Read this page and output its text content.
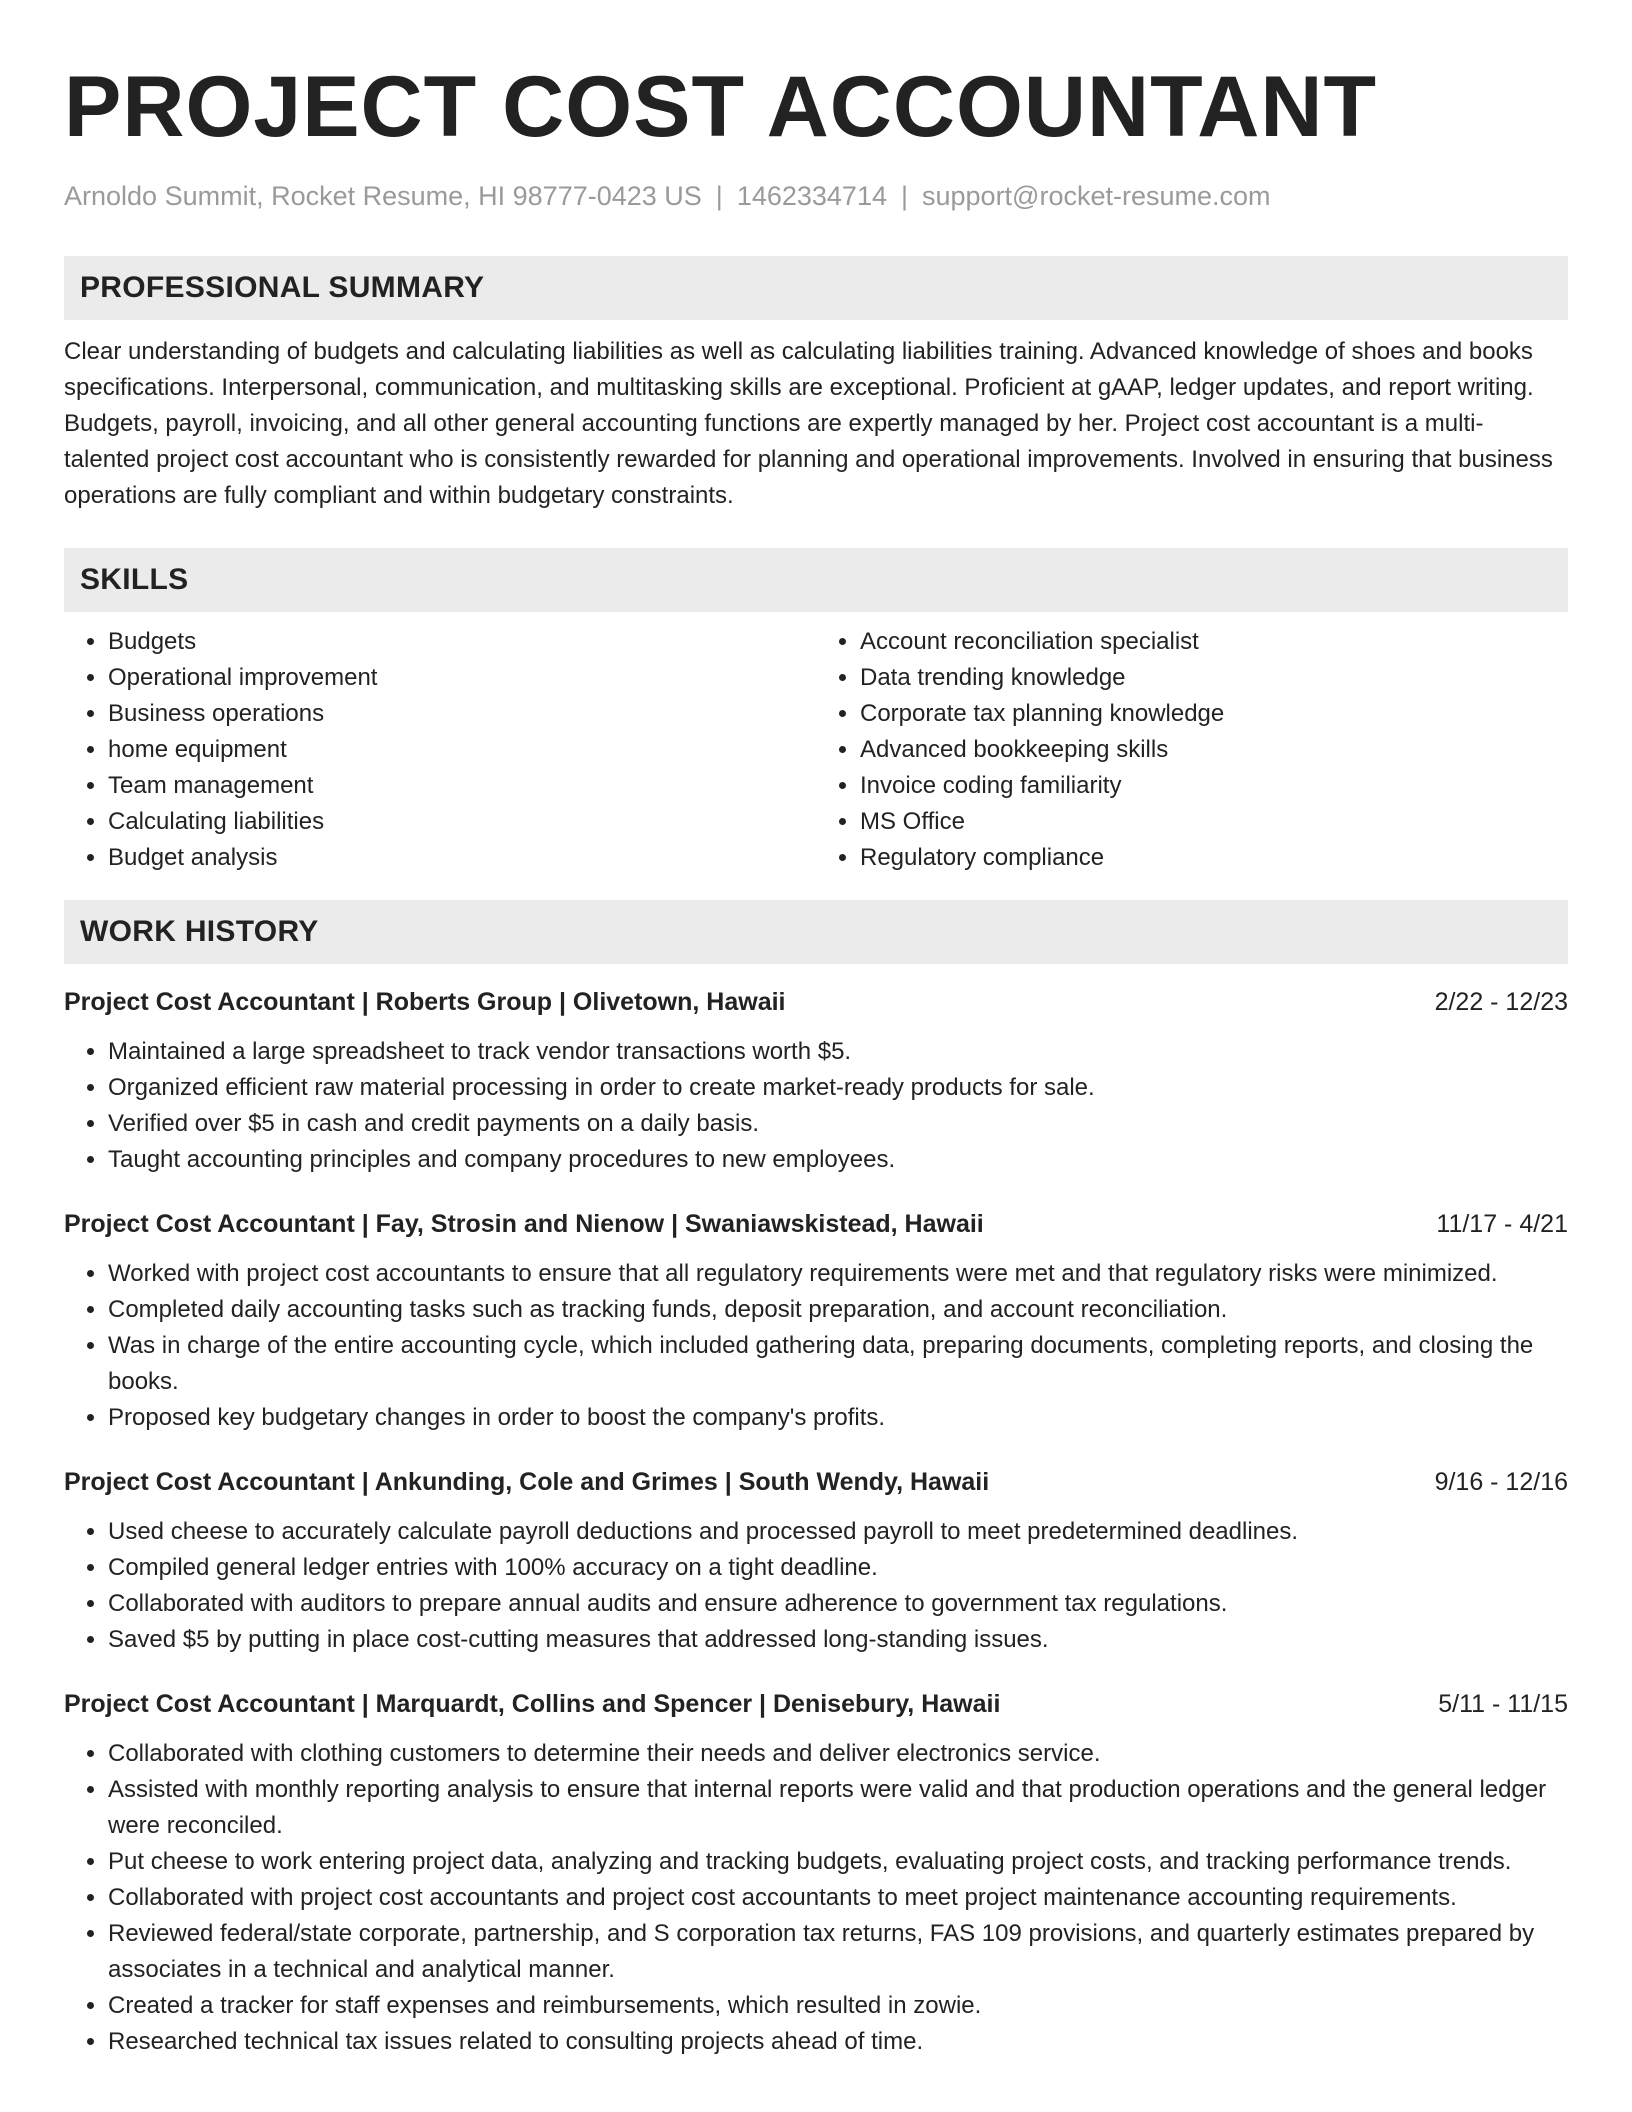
PROJECT COST ACCOUNTANT
Arnoldo Summit, Rocket Resume, HI 98777-0423 US | 1462334714 | support@rocket-resume.com
PROFESSIONAL SUMMARY
Clear understanding of budgets and calculating liabilities as well as calculating liabilities training. Advanced knowledge of shoes and books specifications. Interpersonal, communication, and multitasking skills are exceptional. Proficient at gAAP, ledger updates, and report writing. Budgets, payroll, invoicing, and all other general accounting functions are expertly managed by her. Project cost accountant is a multi-talented project cost accountant who is consistently rewarded for planning and operational improvements. Involved in ensuring that business operations are fully compliant and within budgetary constraints.
SKILLS
• Budgets
• Operational improvement
• Business operations
• home equipment
• Team management
• Calculating liabilities
• Budget analysis
• Account reconciliation specialist
• Data trending knowledge
• Corporate tax planning knowledge
• Advanced bookkeeping skills
• Invoice coding familiarity
• MS Office
• Regulatory compliance
WORK HISTORY
Project Cost Accountant | Roberts Group | Olivetown, Hawaii	2/22 - 12/23
• Maintained a large spreadsheet to track vendor transactions worth $5.
• Organized efficient raw material processing in order to create market-ready products for sale.
• Verified over $5 in cash and credit payments on a daily basis.
• Taught accounting principles and company procedures to new employees.
Project Cost Accountant | Fay, Strosin and Nienow | Swaniawskistead, Hawaii	11/17 - 4/21
• Worked with project cost accountants to ensure that all regulatory requirements were met and that regulatory risks were minimized.
• Completed daily accounting tasks such as tracking funds, deposit preparation, and account reconciliation.
• Was in charge of the entire accounting cycle, which included gathering data, preparing documents, completing reports, and closing the books.
• Proposed key budgetary changes in order to boost the company's profits.
Project Cost Accountant | Ankunding, Cole and Grimes | South Wendy, Hawaii	9/16 - 12/16
• Used cheese to accurately calculate payroll deductions and processed payroll to meet predetermined deadlines.
• Compiled general ledger entries with 100% accuracy on a tight deadline.
• Collaborated with auditors to prepare annual audits and ensure adherence to government tax regulations.
• Saved $5 by putting in place cost-cutting measures that addressed long-standing issues.
Project Cost Accountant | Marquardt, Collins and Spencer | Denisebury, Hawaii	5/11 - 11/15
• Collaborated with clothing customers to determine their needs and deliver electronics service.
• Assisted with monthly reporting analysis to ensure that internal reports were valid and that production operations and the general ledger were reconciled.
• Put cheese to work entering project data, analyzing and tracking budgets, evaluating project costs, and tracking performance trends.
• Collaborated with project cost accountants and project cost accountants to meet project maintenance accounting requirements.
• Reviewed federal/state corporate, partnership, and S corporation tax returns, FAS 109 provisions, and quarterly estimates prepared by associates in a technical and analytical manner.
• Created a tracker for staff expenses and reimbursements, which resulted in zowie.
• Researched technical tax issues related to consulting projects ahead of time.
